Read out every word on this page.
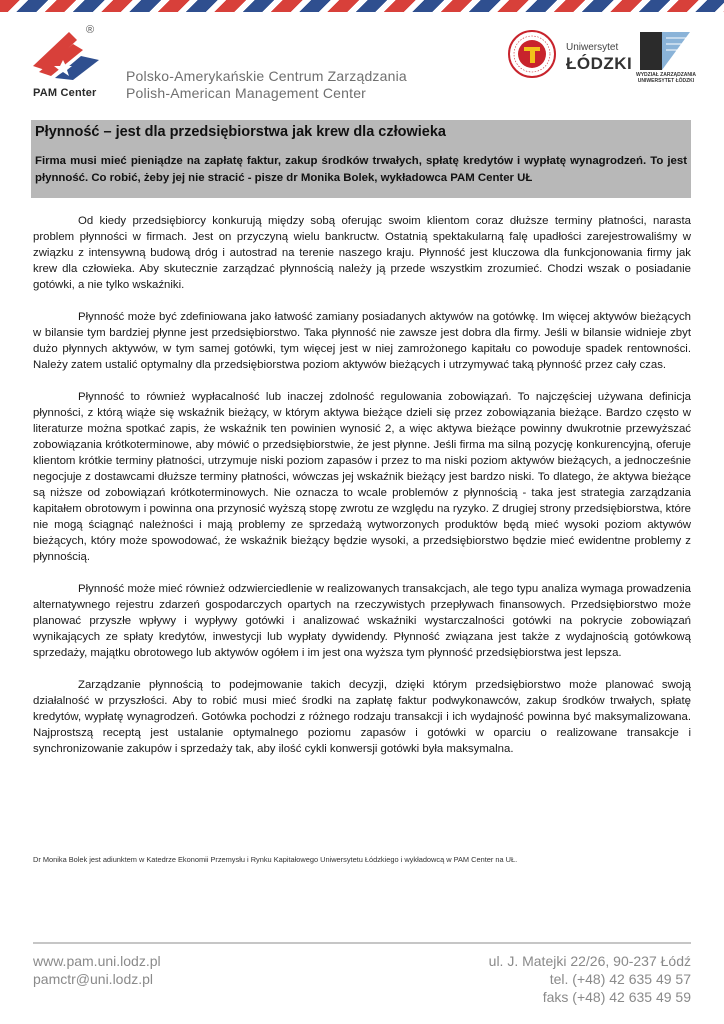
®
PAM Center
Polsko-Amerykańskie Centrum Zarządzania
Polish-American Management Center
Uniwersytet
ŁÓDZKI
WYDZIAŁ ZARZĄDZANIA UNIWERSYTET ŁÓDZKI
Płynność – jest dla przedsiębiorstwa jak krew dla człowieka

Firma musi mieć pieniądze na zapłatę faktur, zakup środków trwałych, spłatę kredytów i wypłatę wynagrodzeń. To jest płynność. Co robić, żeby jej nie stracić - pisze dr Monika Bolek, wykładowca PAM Center UŁ

Od kiedy przedsiębiorcy konkurują między sobą oferując swoim klientom coraz dłuższe terminy płatności, narasta problem płynności w firmach. Jest on przyczyną wielu bankructw. Ostatnią spektakularną falę upadłości zarejestrowaliśmy w związku z intensywną budową dróg i autostrad na terenie naszego kraju. Płynność jest kluczowa dla funkcjonowania firmy jak krew dla człowieka. Aby skutecznie zarządzać płynnością należy ją przede wszystkim zrozumieć. Chodzi wszak o posiadanie gotówki, a nie tylko wskaźniki.

Płynność może być zdefiniowana jako łatwość zamiany posiadanych aktywów na gotówkę. Im więcej aktywów bieżących w bilansie tym bardziej płynne jest przedsiębiorstwo. Taka płynność nie zawsze jest dobra dla firmy. Jeśli w bilansie widnieje zbyt dużo płynnych aktywów, w tym samej gotówki, tym więcej jest w niej zamrożonego kapitału co powoduje spadek rentowności. Należy zatem ustalić optymalny dla przedsiębiorstwa poziom aktywów bieżących i utrzymywać taką płynność przez cały czas.

Płynność to również wypłacalność lub inaczej zdolność regulowania zobowiązań. To najczęściej używana definicja płynności, z którą wiąże się wskaźnik bieżący, w którym aktywa bieżące dzieli się przez zobowiązania bieżące. Bardzo często w literaturze można spotkać zapis, że wskaźnik ten powinien wynosić 2, a więc aktywa bieżące powinny dwukrotnie przewyższać zobowiązania krótkoterminowe, aby mówić o przedsiębiorstwie, że jest płynne. Jeśli firma ma silną pozycję konkurencyjną, oferuje klientom krótkie terminy płatności, utrzymuje niski poziom zapasów i przez to ma niski poziom aktywów bieżących, a jednocześnie negocjuje z dostawcami dłuższe terminy płatności, wówczas jej wskaźnik bieżący jest bardzo niski. To dlatego, że aktywa bieżące są niższe od zobowiązań krótkoterminowych. Nie oznacza to wcale problemów z płynnością - taka jest strategia zarządzania kapitałem obrotowym i powinna ona przynosić wyższą stopę zwrotu ze względu na ryzyko. Z drugiej strony przedsiębiorstwa, które nie mogą ściągnąć należności i mają problemy ze sprzedażą wytworzonych produktów będą mieć wysoki poziom aktywów bieżących, który może spowodować, że wskaźnik bieżący będzie wysoki, a przedsiębiorstwo będzie mieć ewidentne problemy z płynnością.

Płynność może mieć również odzwierciedlenie w realizowanych transakcjach, ale tego typu analiza wymaga prowadzenia alternatywnego rejestru zdarzeń gospodarczych opartych na rzeczywistych przepływach finansowych. Przedsiębiorstwo może planować przyszłe wpływy i wypływy gotówki i analizować wskaźniki wystarczalności gotówki na pokrycie zobowiązań wynikających ze spłaty kredytów, inwestycji lub wypłaty dywidendy. Płynność związana jest także z wydajnością gotówkową sprzedaży, majątku obrotowego lub aktywów ogółem i im jest ona wyższa tym płynność przedsiębiorstwa jest lepsza.

Zarządzanie płynnością to podejmowanie takich decyzji, dzięki którym przedsiębiorstwo może planować swoją działalność w przyszłości. Aby to robić musi mieć środki na zapłatę faktur podwykonawców, zakup środków trwałych, spłatę kredytów, wypłatę wynagrodzeń. Gotówka pochodzi z różnego rodzaju transakcji i ich wydajność powinna być maksymalizowana. Najprostszą receptą jest ustalanie optymalnego poziomu zapasów i gotówki w oparciu o realizowane transakcje i synchronizowanie zakupów i sprzedaży tak, aby ilość cykli konwersji gotówki była maksymalna.

Dr Monika Bolek jest adiunktem w Katedrze Ekonomii Przemysłu i Rynku Kapitałowego Uniwersytetu Łódzkiego i wykładowcą w PAM Center na UŁ.
www.pam.uni.lodz.pl
pamctr@uni.lodz.pl
ul. J. Matejki 22/26, 90-237 Łódź
tel. (+48) 42 635 49 57
faks (+48) 42 635 49 59
